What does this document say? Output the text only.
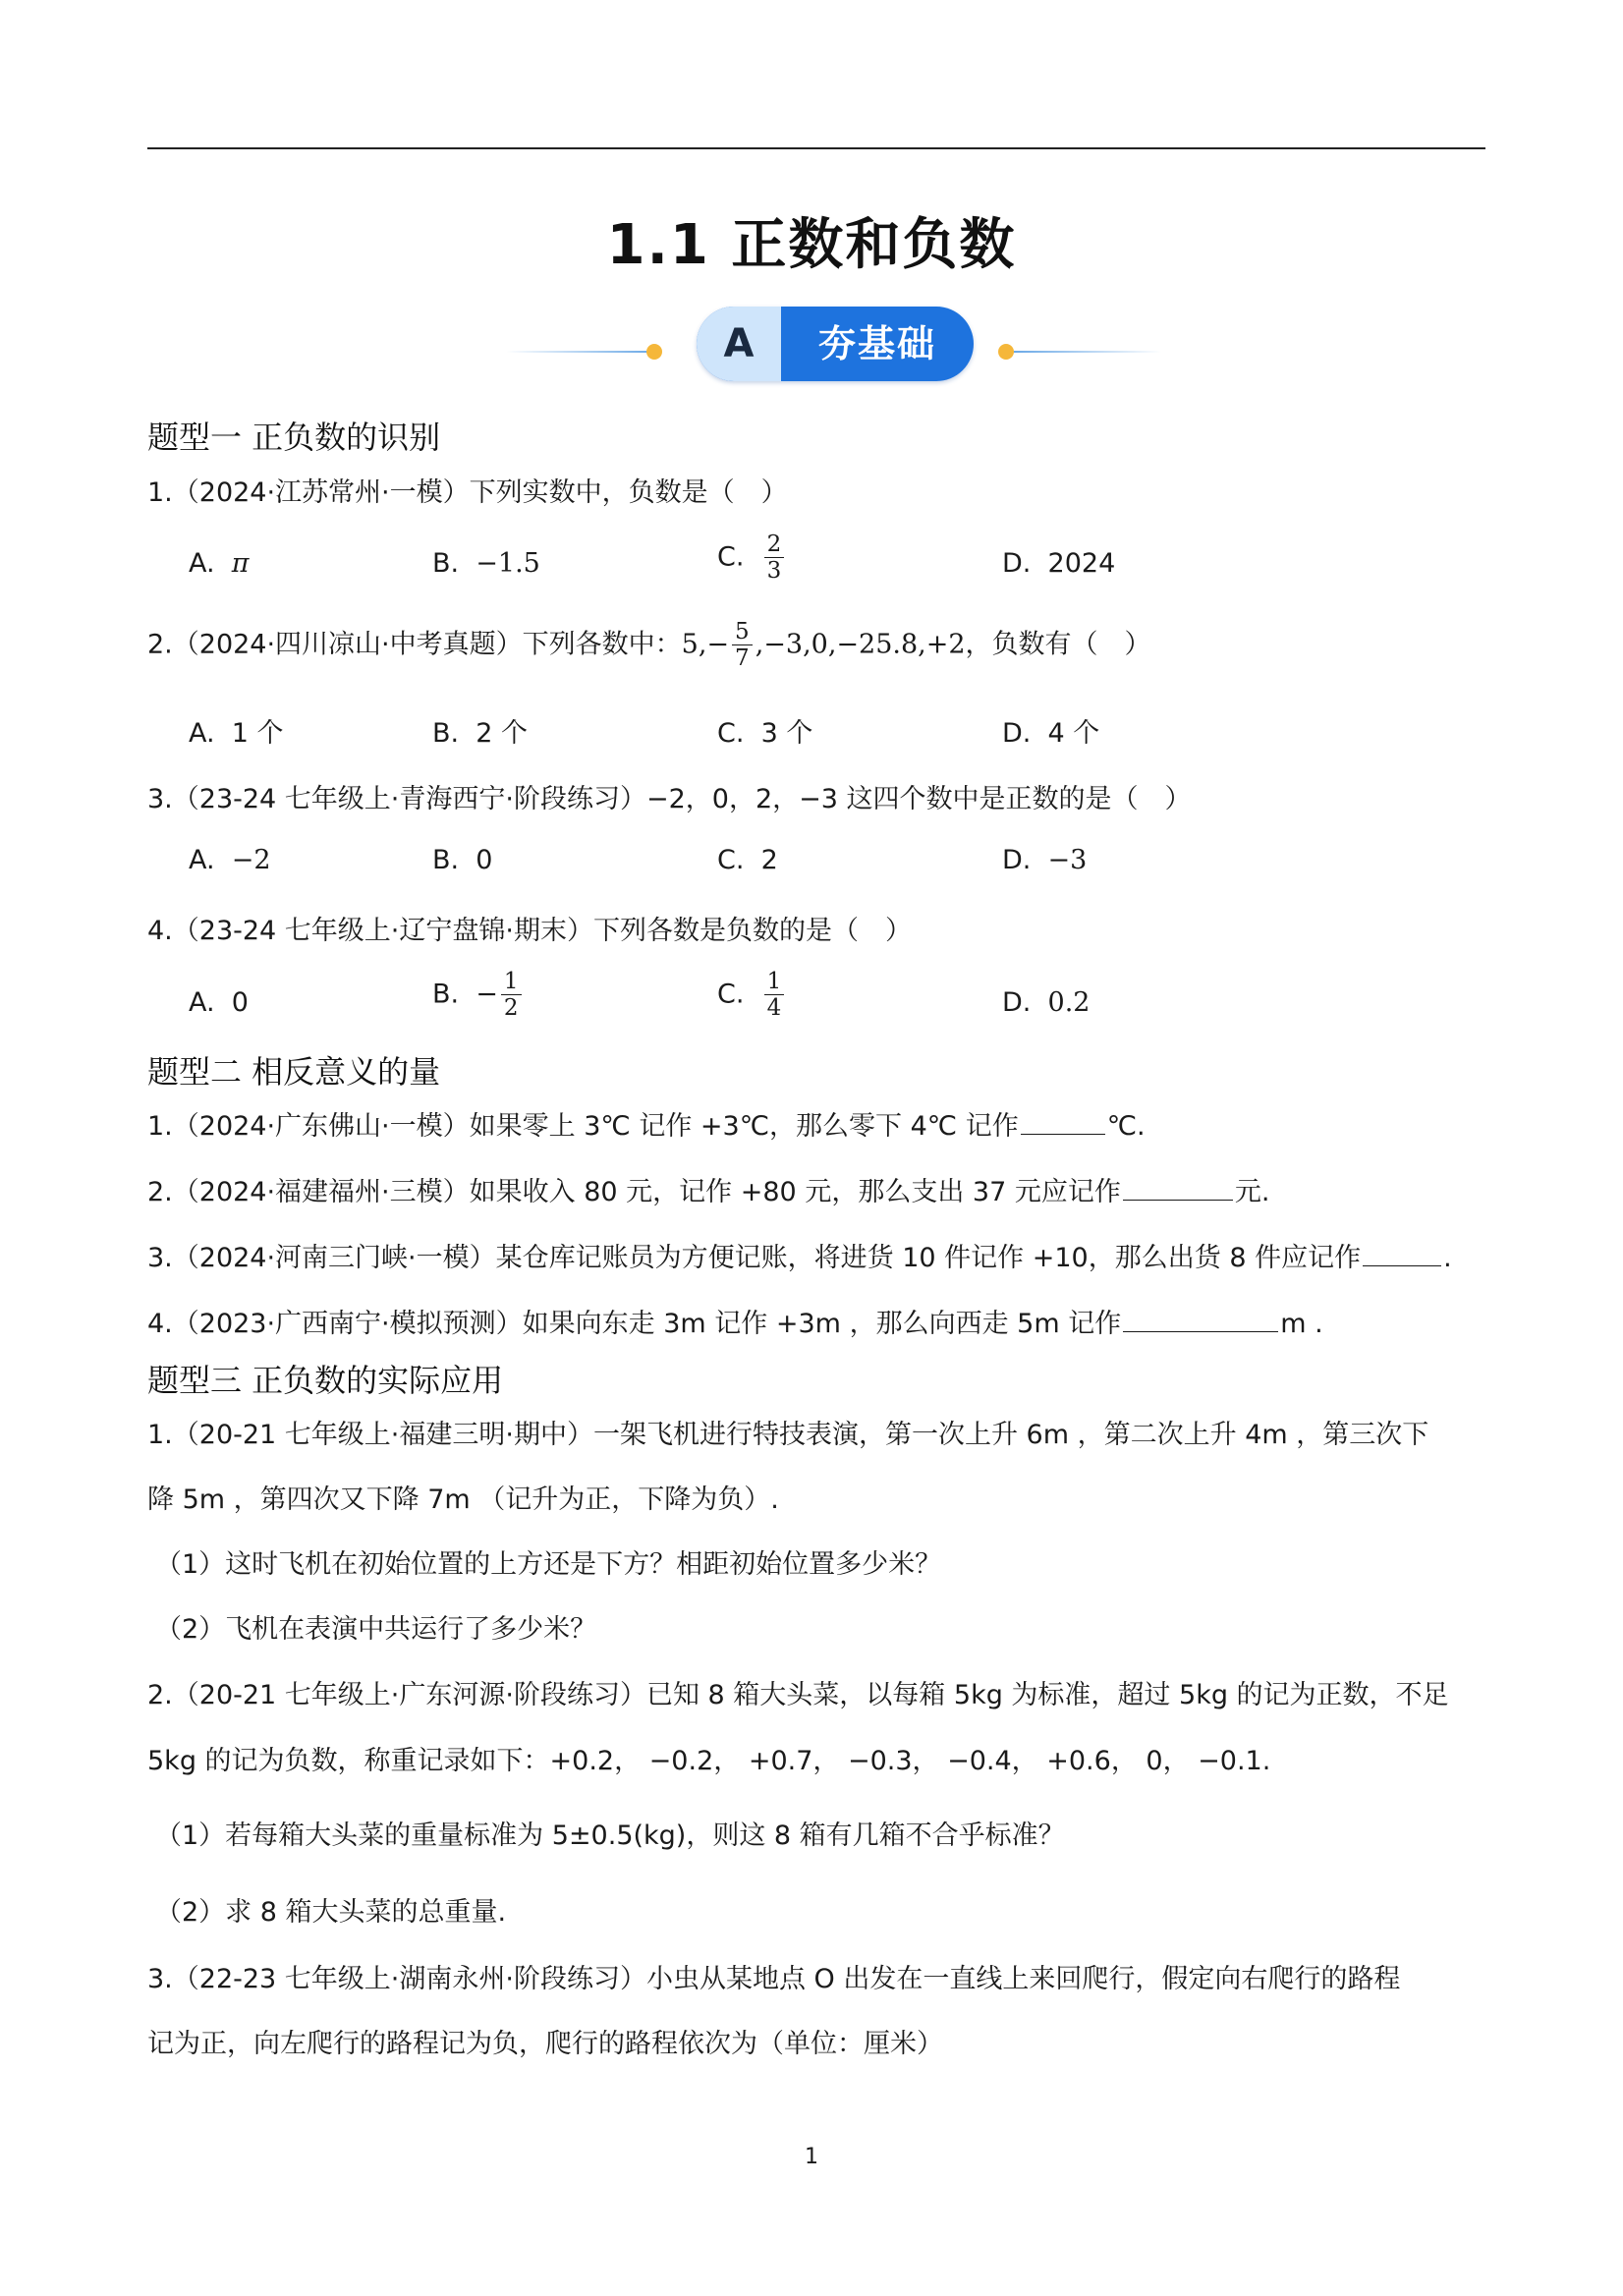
1.1 正数和负数
A	夯基础
题型一 正负数的识别
1.（2024·江苏常州·一模）下列实数中，负数是（　）
A. π	B. −1.5	C. $\frac{2}{3}$	D. 2024
2.（2024·四川凉山·中考真题）下列各数中：$5,- \frac{5}{7} ,-3,0,-25.8,+2$，负数有（　）
A. 1 个	B. 2 个	C. 3 个	D. 4 个
3.（23-24 七年级上·青海西宁·阶段练习）−2，0，2，−3 这四个数中是正数的是（　）
A. −2	B. 0	C. 2	D. −3
4.（23-24 七年级上·辽宁盘锦·期末）下列各数是负数的是（　）
A. 0	B. − $\frac{1}{2}$	C. $\frac{1}{4}$	D. 0.2
题型二 相反意义的量
1.（2024·广东佛山·一模）如果零上 3℃ 记作 +3℃，那么零下 4℃ 记作	℃.
2.（2024·福建福州·三模）如果收入 80 元，记作 +80 元，那么支出 37 元应记作	元.
3.（2024·河南三门峡·一模）某仓库记账员为方便记账，将进货 10 件记作 +10，那么出货 8 件应记作	.
4.（2023·广西南宁·模拟预测）如果向东走 3m 记作 +3m ，那么向西走 5m 记作	m .
题型三 正负数的实际应用
1.（20-21 七年级上·福建三明·期中）一架飞机进行特技表演，第一次上升 6m ，第二次上升 4m ，第三次下
降 5m ，第四次又下降 7m （记升为正，下降为负）.
（1）这时飞机在初始位置的上方还是下方？相距初始位置多少米？
（2）飞机在表演中共运行了多少米？
2.（20-21 七年级上·广东河源·阶段练习）已知 8 箱大头菜，以每箱 5kg 为标准，超过 5kg 的记为正数，不足
5kg 的记为负数，称重记录如下：+0.2， −0.2， +0.7， −0.3， −0.4， +0.6， 0， −0.1.
（1）若每箱大头菜的重量标准为 5±0.5(kg)，则这 8 箱有几箱不合乎标准？
（2）求 8 箱大头菜的总重量.
3.（22-23 七年级上·湖南永州·阶段练习）小虫从某地点 O 出发在一直线上来回爬行，假定向右爬行的路程
记为正，向左爬行的路程记为负，爬行的路程依次为（单位：厘米）
1
